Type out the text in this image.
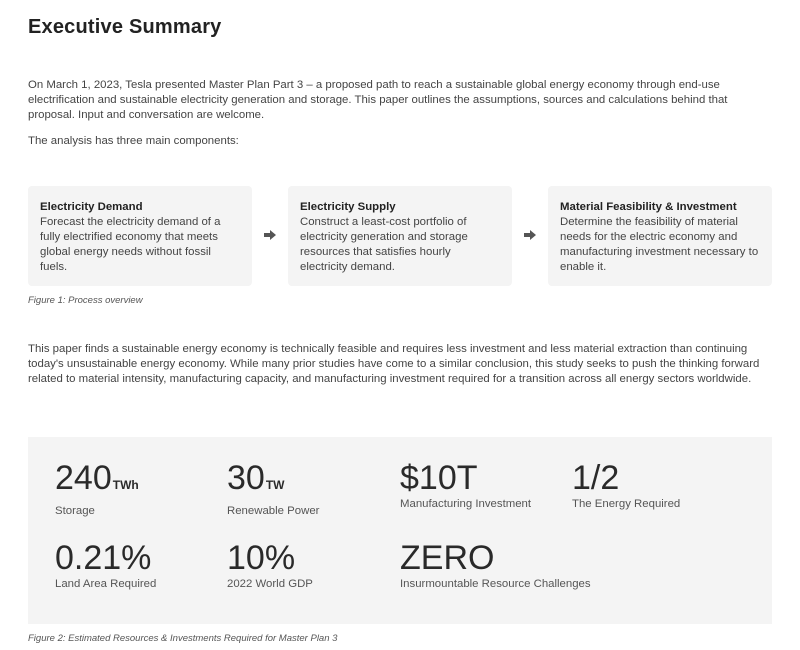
Executive Summary

On March 1, 2023, Tesla presented Master Plan Part 3 – a proposed path to reach a sustainable global energy economy through end-use electrification and sustainable electricity generation and storage. This paper outlines the assumptions, sources and calculations behind that proposal. Input and conversation are welcome.

The analysis has three main components:

Electricity Demand
Forecast the electricity demand of a fully electrified economy that meets global energy needs without fossil fuels.
Electricity Supply
Construct a least-cost portfolio of electricity generation and storage resources that satisfies hourly electricity demand.
Material Feasibility & Investment
Determine the feasibility of material needs for the electric economy and manufacturing investment necessary to enable it.
Figure 1: Process overview

This paper finds a sustainable energy economy is technically feasible and requires less investment and less material extraction than continuing today's unsustainable energy economy. While many prior studies have come to a similar conclusion, this study seeks to push the thinking forward related to material intensity, manufacturing capacity, and manufacturing investment required for a transition across all energy sectors worldwide.

240TWh
Storage
30TW
Renewable Power
$10T
Manufacturing Investment
1/2
The Energy Required
0.21%
Land Area Required
10%
2022 World GDP
ZERO
Insurmountable Resource Challenges
Figure 2: Estimated Resources & Investments Required for Master Plan 3
